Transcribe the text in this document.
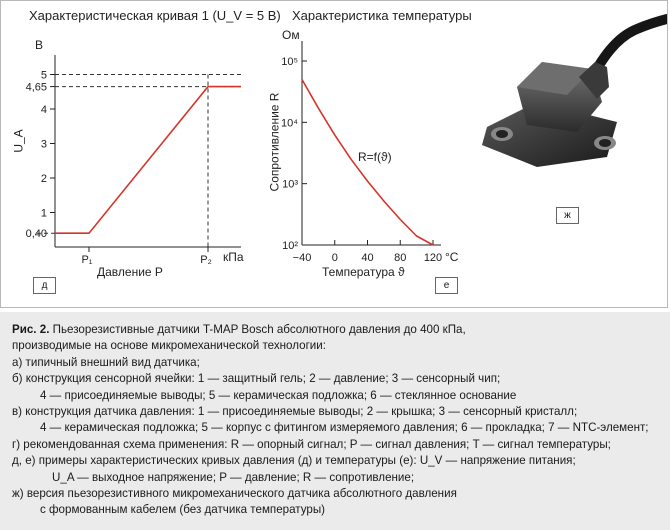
Характеристическая кривая 1 (U_V = 5 В)
В
U_A
Давление Р
кПа
1
2
3
4
4,65
5
P₁	P₂
0,40
д
Характеристика температуры
Ом
Сопротивление R
Температура ϑ
°C
R=f(ϑ)
10²
10³
10⁴
10⁵
−40 0 40 80 120
е
ж
Рис. 2. Пьезорезистивные датчики T-MAP Bosch абсолютного давления до 400 кПа,
производимые на основе микромеханической технологии:
а) типичный внешний вид датчика;
б) конструкция сенсорной ячейки: 1 — защитный гель; 2 — давление; 3 — сенсорный чип;
4 — присоединяемые выводы; 5 — керамическая подложка; 6 — стеклянное основание
в) конструкция датчика давления: 1 — присоединяемые выводы; 2 — крышка; 3 — сенсорный кристалл;
4 — керамическая подложка; 5 — корпус с фитингом измеряемого давления; 6 — прокладка; 7 — NTC-элемент;
г) рекомендованная схема применения: R — опорный сигнал; P — сигнал давления; T — сигнал температуры;
д, е) примеры характеристических кривых давления (д) и температуры (е): U_V — напряжение питания;
U_A — выходное напряжение; P — давление; R — сопротивление;
ж) версия пьезорезистивного микромеханического датчика абсолютного давления
с формованным кабелем (без датчика температуры)
